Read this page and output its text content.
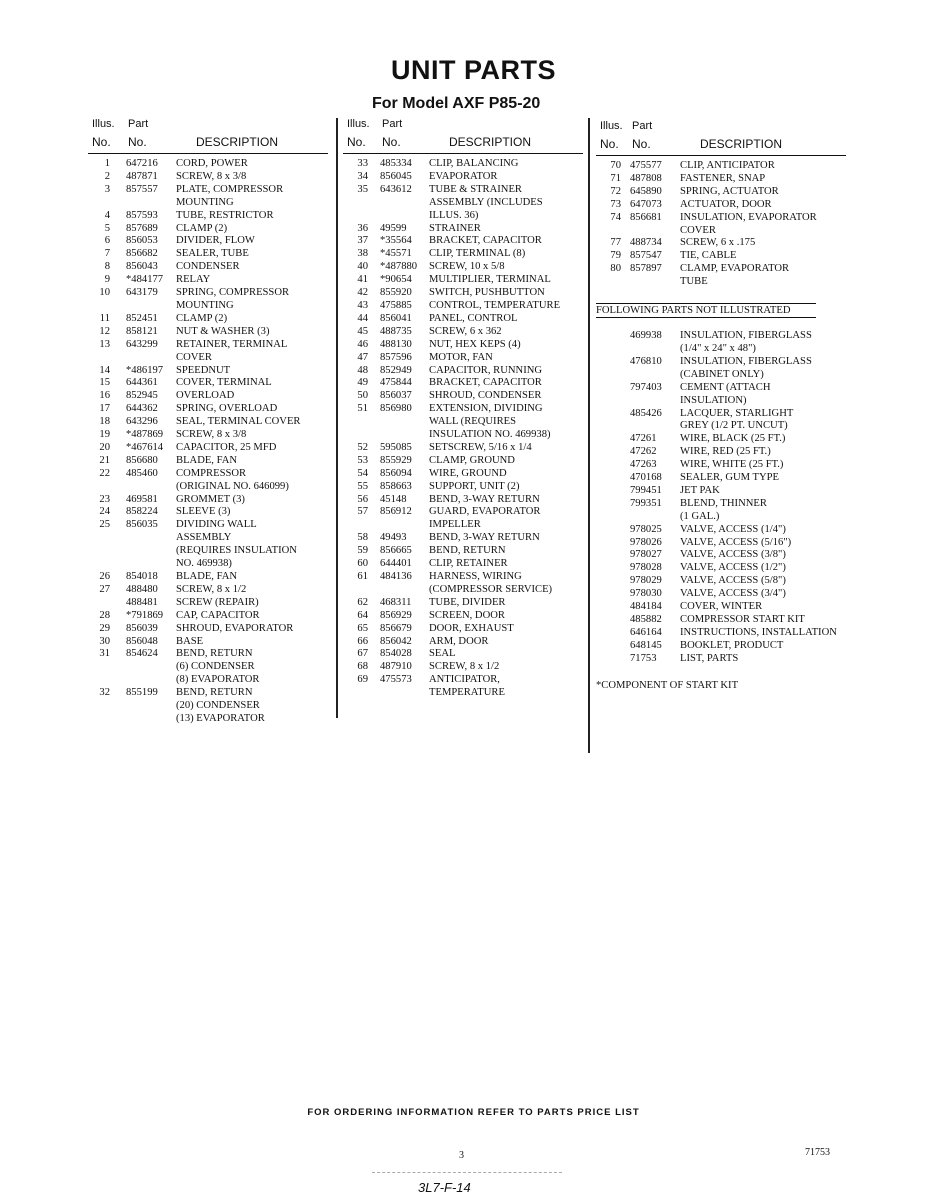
UNIT PARTS
For Model AXF P85-20
Illus. Part
No. No.	DESCRIPTION
1 647216 CORD, POWER
2 487871 SCREW, 8 x 3/8
3 857557 PLATE, COMPRESSOR
MOUNTING
4 857593 TUBE, RESTRICTOR
5 857689 CLAMP (2)
6 856053 DIVIDER, FLOW
7 856682 SEALER, TUBE
8 856043 CONDENSER
9 *484177 RELAY
10 643179 SPRING, COMPRESSOR
MOUNTING
11 852451 CLAMP (2)
12 858121 NUT & WASHER (3)
13 643299 RETAINER, TERMINAL
COVER
14 *486197 SPEEDNUT
15 644361 COVER, TERMINAL
16 852945 OVERLOAD
17 644362 SPRING, OVERLOAD
18 643296 SEAL, TERMINAL COVER
19 *487869 SCREW, 8 x 3/8
20 *467614 CAPACITOR, 25 MFD
21 856680 BLADE, FAN
22 485460 COMPRESSOR
(ORIGINAL NO. 646099)
23 469581 GROMMET (3)
24 858224 SLEEVE (3)
25 856035 DIVIDING WALL
ASSEMBLY
(REQUIRES INSULATION
NO. 469938)
26 854018 BLADE, FAN
27 488480 SCREW, 8 x 1/2
488481 SCREW (REPAIR)
28 *791869 CAP, CAPACITOR
29 856039 SHROUD, EVAPORATOR
30 856048 BASE
31 854624 BEND, RETURN
(6) CONDENSER
(8) EVAPORATOR
32 855199 BEND, RETURN
(20) CONDENSER
(13) EVAPORATOR
Illus. Part
No. No.	DESCRIPTION
33 485334 CLIP, BALANCING
34 856045 EVAPORATOR
35 643612 TUBE & STRAINER
ASSEMBLY (INCLUDES
ILLUS. 36)
36 49599 STRAINER
37 *35564 BRACKET, CAPACITOR
38 *45571 CLIP, TERMINAL (8)
40 *487880 SCREW, 10 x 5/8
41 *90654 MULTIPLIER, TERMINAL
42 855920 SWITCH, PUSHBUTTON
43 475885 CONTROL, TEMPERATURE
44 856041 PANEL, CONTROL
45 488735 SCREW, 6 x 362
46 488130 NUT, HEX KEPS (4)
47 857596 MOTOR, FAN
48 852949 CAPACITOR, RUNNING
49 475844 BRACKET, CAPACITOR
50 856037 SHROUD, CONDENSER
51 856980 EXTENSION, DIVIDING
WALL (REQUIRES
INSULATION NO. 469938)
52 595085 SETSCREW, 5/16 x 1/4
53 855929 CLAMP, GROUND
54 856094 WIRE, GROUND
55 858663 SUPPORT, UNIT (2)
56 45148 BEND, 3-WAY RETURN
57 856912 GUARD, EVAPORATOR
IMPELLER
58 49493 BEND, 3-WAY RETURN
59 856665 BEND, RETURN
60 644401 CLIP, RETAINER
61 484136 HARNESS, WIRING
(COMPRESSOR SERVICE)
62 468311 TUBE, DIVIDER
64 856929 SCREEN, DOOR
65 856679 DOOR, EXHAUST
66 856042 ARM, DOOR
67 854028 SEAL
68 487910 SCREW, 8 x 1/2
69 475573 ANTICIPATOR,
TEMPERATURE
Illus. Part
No. No.	DESCRIPTION
70 475577 CLIP, ANTICIPATOR
71 487808 FASTENER, SNAP
72 645890 SPRING, ACTUATOR
73 647073 ACTUATOR, DOOR
74 856681 INSULATION, EVAPORATOR
COVER
77 488734 SCREW, 6 x .175
79 857547 TIE, CABLE
80 857897 CLAMP, EVAPORATOR
TUBE
FOLLOWING PARTS NOT ILLUSTRATED
469938 INSULATION, FIBERGLASS
(1/4" x 24" x 48")
476810 INSULATION, FIBERGLASS
(CABINET ONLY)
797403 CEMENT (ATTACH
INSULATION)
485426 LACQUER, STARLIGHT
GREY (1/2 PT. UNCUT)
47261 WIRE, BLACK (25 FT.)
47262 WIRE, RED (25 FT.)
47263 WIRE, WHITE (25 FT.)
470168 SEALER, GUM TYPE
799451 JET PAK
799351 BLEND, THINNER
(1 GAL.)
978025 VALVE, ACCESS (1/4")
978026 VALVE, ACCESS (5/16")
978027 VALVE, ACCESS (3/8")
978028 VALVE, ACCESS (1/2")
978029 VALVE, ACCESS (5/8")
978030 VALVE, ACCESS (3/4")
484184 COVER, WINTER
485882 COMPRESSOR START KIT
646164 INSTRUCTIONS, INSTALLATION
648145 BOOKLET, PRODUCT
71753 LIST, PARTS
*COMPONENT OF START KIT
FOR ORDERING INFORMATION REFER TO PARTS PRICE LIST
3	71753
3L7-F-14
